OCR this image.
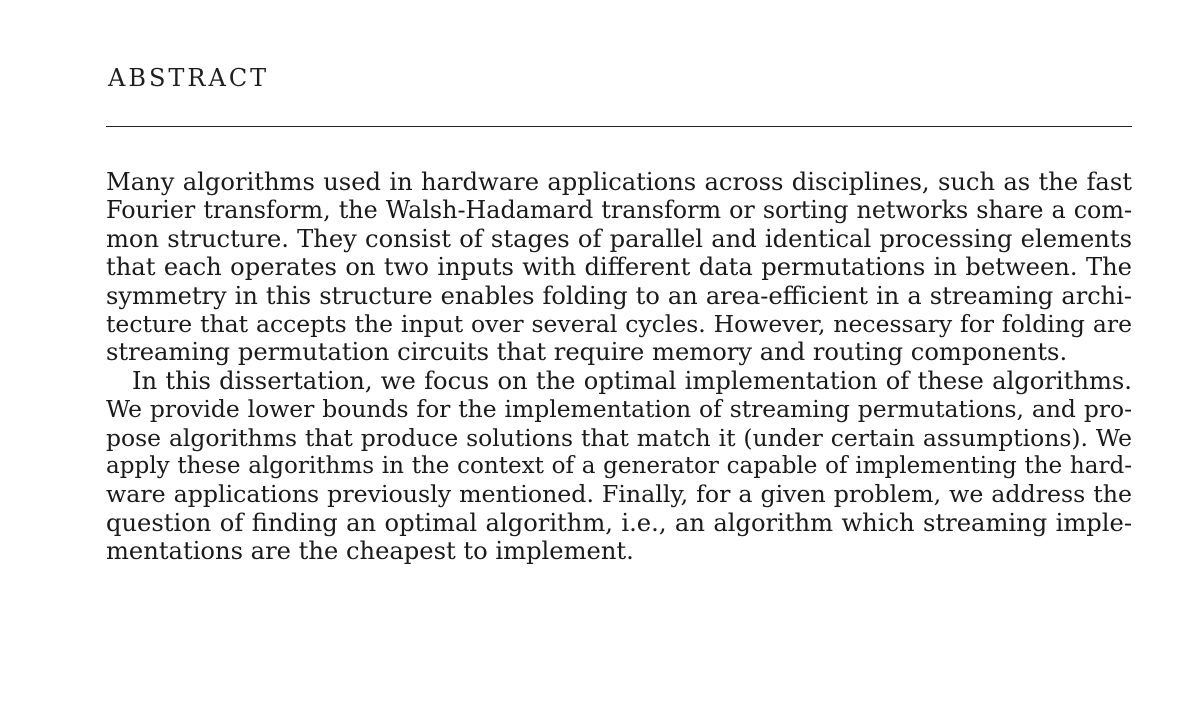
ABSTRACT
Many algorithms used in hardware applications across disciplines, such as the fast
Fourier transform, the Walsh-Hadamard transform or sorting networks share a com-
mon structure. They consist of stages of parallel and identical processing elements
that each operates on two inputs with different data permutations in between. The
symmetry in this structure enables folding to an area-efficient in a streaming archi-
tecture that accepts the input over several cycles. However, necessary for folding are
streaming permutation circuits that require memory and routing components.
In this dissertation, we focus on the optimal implementation of these algorithms.
We provide lower bounds for the implementation of streaming permutations, and pro-
pose algorithms that produce solutions that match it (under certain assumptions). We
apply these algorithms in the context of a generator capable of implementing the hard-
ware applications previously mentioned. Finally, for a given problem, we address the
question of finding an optimal algorithm, i.e., an algorithm which streaming imple-
mentations are the cheapest to implement.
